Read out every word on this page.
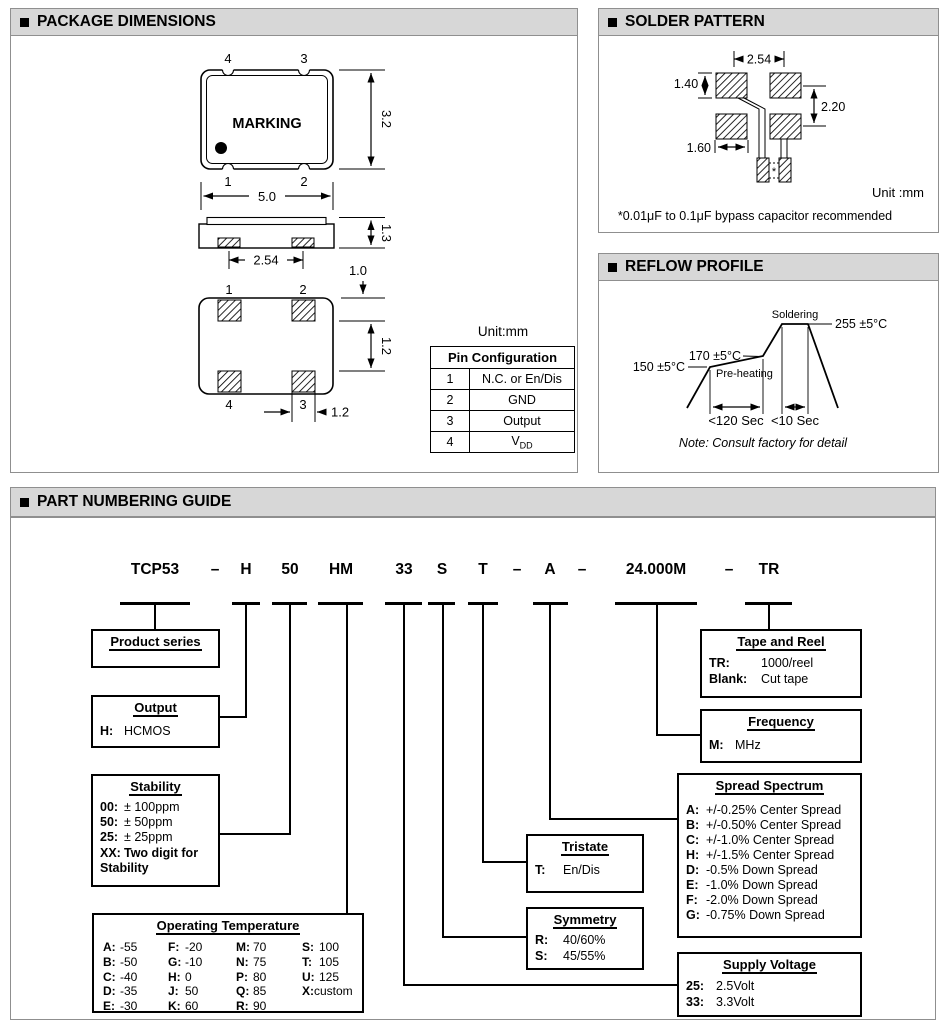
PACKAGE DIMENSIONS
MARKING
4	3
1	2
3.2
5.0
1.3
2.54
1.0
1	2
4	3
1.2
1.2
Unit:mm
Pin Configuration	
1	N.C. or En/Dis
2	GND
3	Output
4	$V_{DD}$
SOLDER PATTERN
2.54
1.40
2.20
1.60
*
Unit :mm
*0.01μF to 0.1μF bypass capacitor recommended
REFLOW PROFILE
150 ±5°C
170 ±5°C
Soldering
255 ±5°C
Pre-heating
<120 Sec <10 Sec
Note: Consult factory for detail
PART NUMBERING GUIDE
TCP53	–	H	50	HM	33	S	T	–	A	–	24.000M	–	TR
Product series
Output
H: HCMOS
Stability
00: ± 100ppm
50: ± 50ppm
25: ± 25ppm
XX: Two digit for
Stability
Operating Temperature
A: -55
B: -50
C: -40
D: -35
E: -30
F: -20
G: -10
H: 0
J: 50
K: 60
M: 70
N: 75
P: 80
Q: 85
R: 90
S: 100
T: 105
U: 125
X:custom
Tristate
T: En/Dis
Symmetry
R: 40/60%
S: 45/55%
Supply Voltage
25: 2.5Volt
33: 3.3Volt
Spread Spectrum
A: +/-0.25% Center Spread
B: +/-0.50% Center Spread
C: +/-1.0% Center Spread
H: +/-1.5% Center Spread
D: -0.5% Down Spread
E: -1.0% Down Spread
F: -2.0% Down Spread
G: -0.75% Down Spread
Frequency
M: MHz
Tape and Reel
TR: 1000/reel
Blank: Cut tape
